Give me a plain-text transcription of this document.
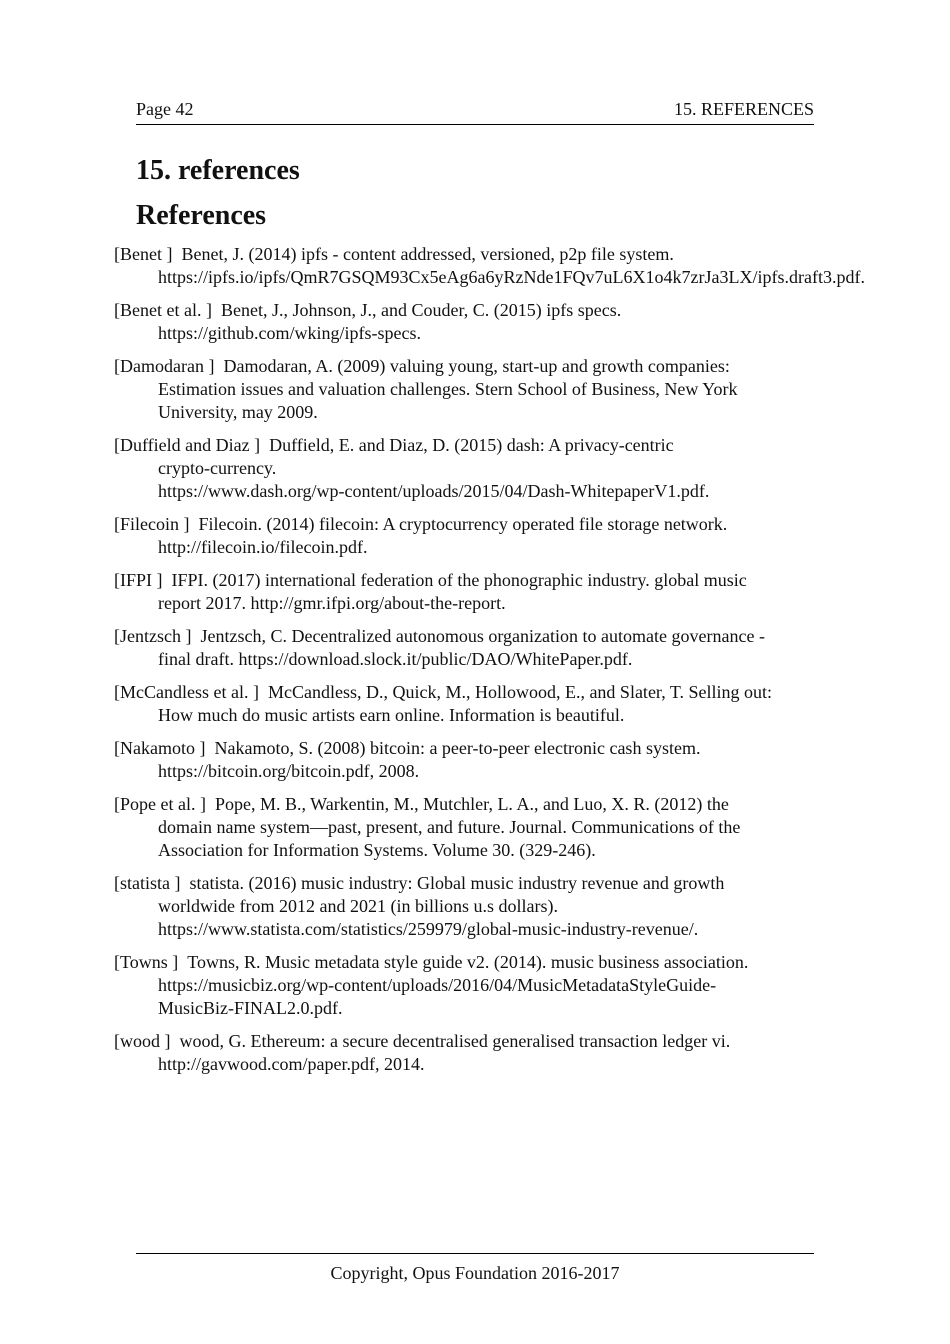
Page 42	15. REFERENCES
15. references
References
[Benet ]  Benet, J. (2014) ipfs - content addressed, versioned, p2p file system.
https://ipfs.io/ipfs/QmR7GSQM93Cx5eAg6a6yRzNde1FQv7uL6X1o4k7zrJa3LX/ipfs.draft3.pdf.
[Benet et al. ]  Benet, J., Johnson, J., and Couder, C. (2015) ipfs specs.
https://github.com/wking/ipfs-specs.
[Damodaran ]  Damodaran, A. (2009) valuing young, start-up and growth companies:
Estimation issues and valuation challenges. Stern School of Business, New York
University, may 2009.
[Duffield and Diaz ]  Duffield, E. and Diaz, D. (2015) dash: A privacy-centric
crypto-currency.
https://www.dash.org/wp-content/uploads/2015/04/Dash-WhitepaperV1.pdf.
[Filecoin ]  Filecoin. (2014) filecoin: A cryptocurrency operated file storage network.
http://filecoin.io/filecoin.pdf.
[IFPI ]  IFPI. (2017) international federation of the phonographic industry. global music
report 2017. http://gmr.ifpi.org/about-the-report.
[Jentzsch ]  Jentzsch, C. Decentralized autonomous organization to automate governance -
final draft. https://download.slock.it/public/DAO/WhitePaper.pdf.
[McCandless et al. ]  McCandless, D., Quick, M., Hollowood, E., and Slater, T. Selling out:
How much do music artists earn online. Information is beautiful.
[Nakamoto ]  Nakamoto, S. (2008) bitcoin: a peer-to-peer electronic cash system.
https://bitcoin.org/bitcoin.pdf, 2008.
[Pope et al. ]  Pope, M. B., Warkentin, M., Mutchler, L. A., and Luo, X. R. (2012) the
domain name system—past, present, and future. Journal. Communications of the
Association for Information Systems. Volume 30. (329-246).
[statista ]  statista. (2016) music industry: Global music industry revenue and growth
worldwide from 2012 and 2021 (in billions u.s dollars).
https://www.statista.com/statistics/259979/global-music-industry-revenue/.
[Towns ]  Towns, R. Music metadata style guide v2. (2014). music business association.
https://musicbiz.org/wp-content/uploads/2016/04/MusicMetadataStyleGuide-
MusicBiz-FINAL2.0.pdf.
[wood ]  wood, G. Ethereum: a secure decentralised generalised transaction ledger vi.
http://gavwood.com/paper.pdf, 2014.
Copyright, Opus Foundation 2016-2017
